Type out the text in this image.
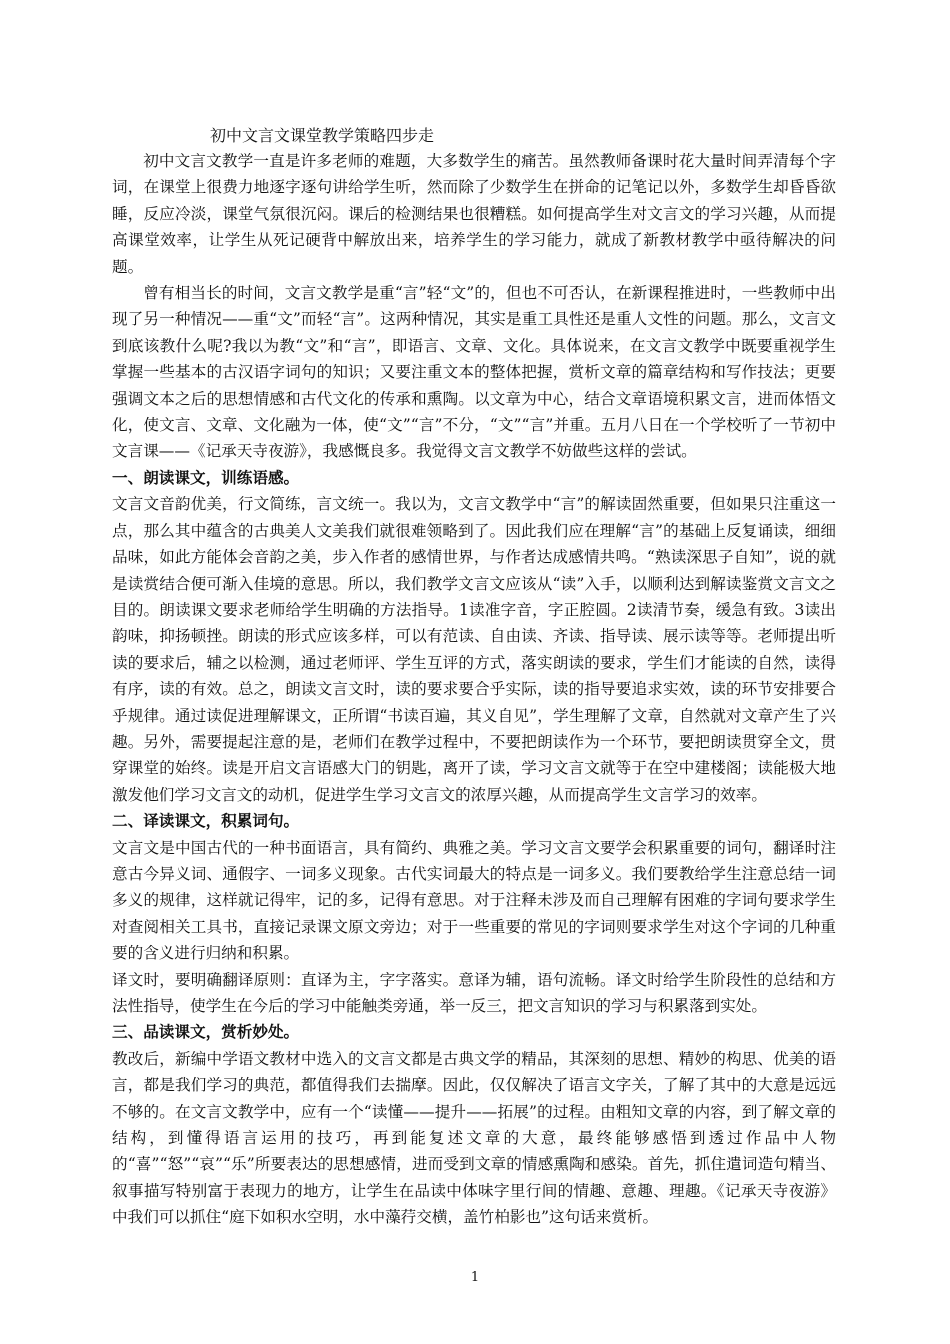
初中文言文课堂教学策略四步走

初中文言文教学一直是许多老师的难题，大多数学生的痛苦。虽然教师备课时花大量时间弄清每个字词，在课堂上很费力地逐字逐句讲给学生听，然而除了少数学生在拼命的记笔记以外，多数学生却昏昏欲睡，反应冷淡，课堂气氛很沉闷。课后的检测结果也很糟糕。如何提高学生对文言文的学习兴趣，从而提高课堂效率，让学生从死记硬背中解放出来，培养学生的学习能力，就成了新教材教学中亟待解决的问题。

曾有相当长的时间，文言文教学是重“言”轻“文”的，但也不可否认，在新课程推进时，一些教师中出现了另一种情况——重“文”而轻“言”。这两种情况，其实是重工具性还是重人文性的问题。那么，文言文到底该教什么呢?我以为教“文”和“言”，即语言、文章、文化。具体说来，在文言文教学中既要重视学生掌握一些基本的古汉语字词句的知识；又要注重文本的整体把握，赏析文章的篇章结构和写作技法；更要强调文本之后的思想情感和古代文化的传承和熏陶。以文章为中心，结合文章语境积累文言，进而体悟文化，使文言、文章、文化融为一体，使“文”“言”不分，“文”“言”并重。五月八日在一个学校听了一节初中文言课——《记承天寺夜游》，我感慨良多。我觉得文言文教学不妨做些这样的尝试。

一、朗读课文，训练语感。

文言文音韵优美，行文简练，言文统一。我以为，文言文教学中“言”的解读固然重要，但如果只注重这一点，那么其中蕴含的古典美人文美我们就很难领略到了。因此我们应在理解“言”的基础上反复诵读，细细品味，如此方能体会音韵之美，步入作者的感情世界，与作者达成感情共鸣。“熟读深思子自知”，说的就是读赏结合便可渐入佳境的意思。所以，我们教学文言文应该从“读”入手，以顺利达到解读鉴赏文言文之目的。朗读课文要求老师给学生明确的方法指导。1读准字音，字正腔圆。2读清节奏，缓急有致。3读出韵味，抑扬顿挫。朗读的形式应该多样，可以有范读、自由读、齐读、指导读、展示读等等。老师提出听读的要求后，辅之以检测，通过老师评、学生互评的方式，落实朗读的要求，学生们才能读的自然，读得有序，读的有效。总之，朗读文言文时，读的要求要合乎实际，读的指导要追求实效，读的环节安排要合乎规律。通过读促进理解课文，正所谓“书读百遍，其义自见”，学生理解了文章，自然就对文章产生了兴趣。另外，需要提起注意的是，老师们在教学过程中，不要把朗读作为一个环节，要把朗读贯穿全文，贯穿课堂的始终。读是开启文言语感大门的钥匙，离开了读，学习文言文就等于在空中建楼阁；读能极大地激发他们学习文言文的动机，促进学生学习文言文的浓厚兴趣，从而提高学生文言学习的效率。

二、译读课文，积累词句。

文言文是中国古代的一种书面语言，具有简约、典雅之美。学习文言文要学会积累重要的词句，翻译时注意古今异义词、通假字、一词多义现象。古代实词最大的特点是一词多义。我们要教给学生注意总结一词多义的规律，这样就记得牢，记的多，记得有意思。对于注释未涉及而自己理解有困难的字词句要求学生对查阅相关工具书，直接记录课文原文旁边；对于一些重要的常见的字词则要求学生对这个字词的几种重要的含义进行归纳和积累。

译文时，要明确翻译原则：直译为主，字字落实。意译为辅，语句流畅。译文时给学生阶段性的总结和方法性指导，使学生在今后的学习中能触类旁通，举一反三，把文言知识的学习与积累落到实处。

三、品读课文，赏析妙处。

教改后，新编中学语文教材中选入的文言文都是古典文学的精品，其深刻的思想、精妙的构思、优美的语言，都是我们学习的典范，都值得我们去揣摩。因此，仅仅解决了语言文字关，了解了其中的大意是远远不够的。在文言文教学中，应有一个“读懂——提升——拓展”的过程。由粗知文章的内容，到了解文章的结构，到懂得语言运用的技巧，再到能复述文章的大意，最终能够感悟到透过作品中人物的“喜”“怒”“哀”“乐”所要表达的思想感情，进而受到文章的情感熏陶和感染。首先，抓住遣词造句精当、叙事描写特别富于表现力的地方，让学生在品读中体味字里行间的情趣、意趣、理趣。《记承天寺夜游》中我们可以抓住“庭下如积水空明，水中藻荇交横，盖竹柏影也”这句话来赏析。

1
